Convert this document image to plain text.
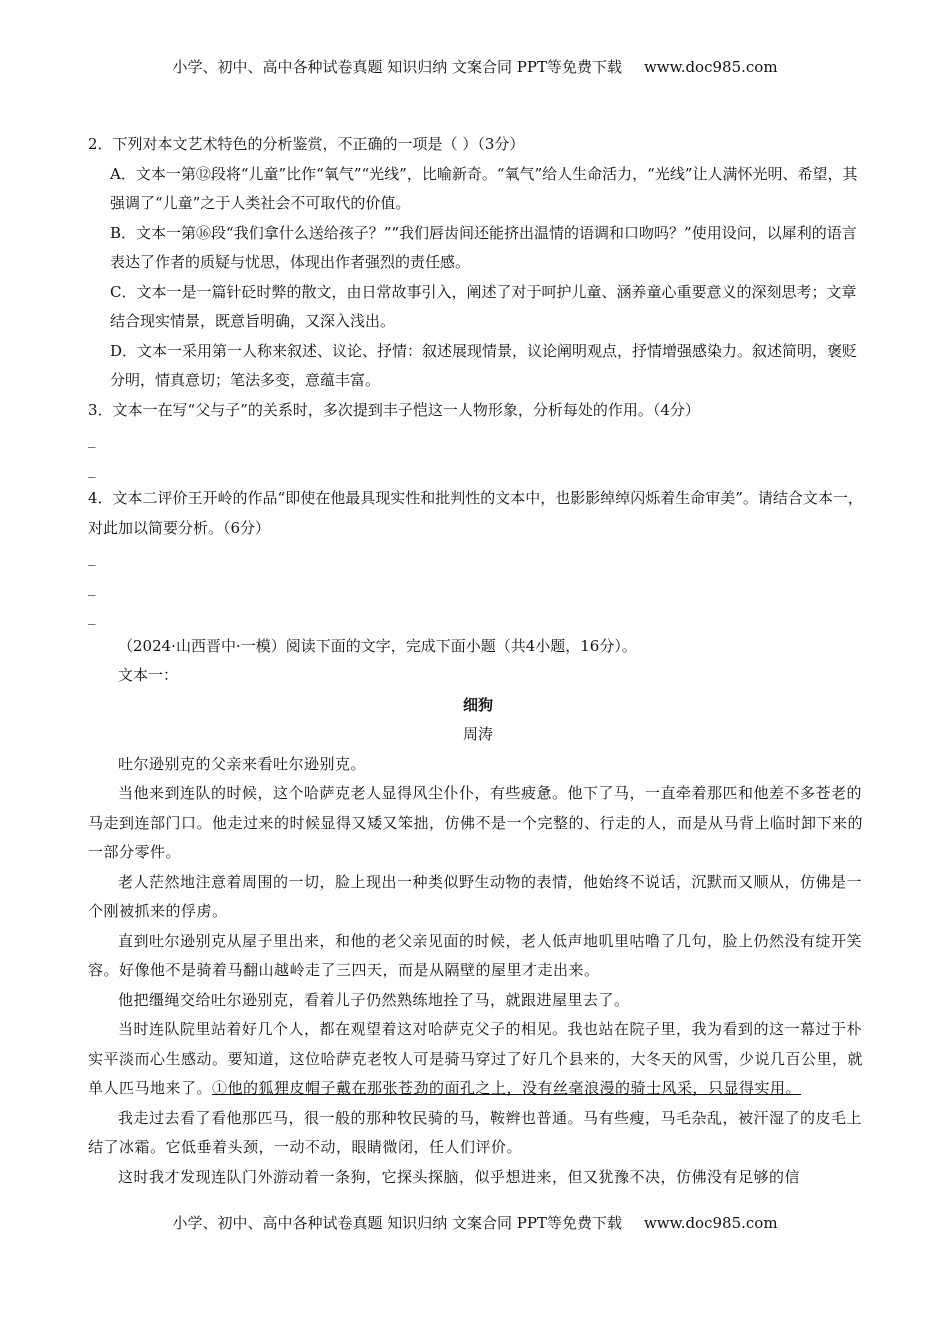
小学、初中、高中各种试卷真题 知识归纳 文案合同 PPT等免费下载 www.doc985.com

2．下列对本文艺术特色的分析鉴赏，不正确的一项是（ ）（3分）

A．文本一第⑫段将“儿童”比作“氧气”“光线”，比喻新奇。“氧气”给人生命活力，“光线”让人满怀光明、希望，其强调了“儿童”之于人类社会不可取代的价值。

B．文本一第⑯段“我们拿什么送给孩子？”“我们唇齿间还能挤出温情的语调和口吻吗？”使用设问，以犀利的语言表达了作者的质疑与忧思，体现出作者强烈的责任感。

C．文本一是一篇针砭时弊的散文，由日常故事引入，阐述了对于呵护儿童、涵养童心重要意义的深刻思考；文章结合现实情景，既意旨明确，又深入浅出。

D．文本一采用第一人称来叙述、议论、抒情：叙述展现情景，议论阐明观点，抒情增强感染力。叙述简明，褒贬分明，情真意切；笔法多变，意蕴丰富。

3．文本一在写“父与子”的关系时，多次提到丰子恺这一人物形象，分析每处的作用。（4分）

_

_

4．文本二评价王开岭的作品“即使在他最具现实性和批判性的文本中，也影影绰绰闪烁着生命审美”。请结合文本一，对此加以简要分析。（6分）

_

_

_

（2024·山西晋中·一模）阅读下面的文字，完成下面小题（共4小题，16分）。

文本一：

细狗

周涛

吐尔逊别克的父亲来看吐尔逊别克。

当他来到连队的时候，这个哈萨克老人显得风尘仆仆，有些疲惫。他下了马，一直牵着那匹和他差不多苍老的马走到连部门口。他走过来的时候显得又矮又笨拙，仿佛不是一个完整的、行走的人，而是从马背上临时卸下来的一部分零件。

老人茫然地注意着周围的一切，脸上现出一种类似野生动物的表情，他始终不说话，沉默而又顺从，仿佛是一个刚被抓来的俘虏。

直到吐尔逊别克从屋子里出来，和他的老父亲见面的时候，老人低声地叽里咕噜了几句，脸上仍然没有绽开笑容。好像他不是骑着马翻山越岭走了三四天，而是从隔壁的屋里才走出来。

他把缰绳交给吐尔逊别克，看着儿子仍然熟练地拴了马，就跟进屋里去了。

当时连队院里站着好几个人，都在观望着这对哈萨克父子的相见。我也站在院子里，我为看到的这一幕过于朴实平淡而心生感动。要知道，这位哈萨克老牧人可是骑马穿过了好几个县来的，大冬天的风雪，少说几百公里，就单人匹马地来了。①他的狐狸皮帽子戴在那张苍劲的面孔之上，没有丝毫浪漫的骑士风采，只显得实用。

我走过去看了看他那匹马，很一般的那种牧民骑的马，鞍辫也普通。马有些瘦，马毛杂乱，被汗湿了的皮毛上结了冰霜。它低垂着头颈，一动不动，眼睛微闭，任人们评价。

这时我才发现连队门外游动着一条狗，它探头探脑，似乎想进来，但又犹豫不决，仿佛没有足够的信

小学、初中、高中各种试卷真题 知识归纳 文案合同 PPT等免费下载 www.doc985.com
